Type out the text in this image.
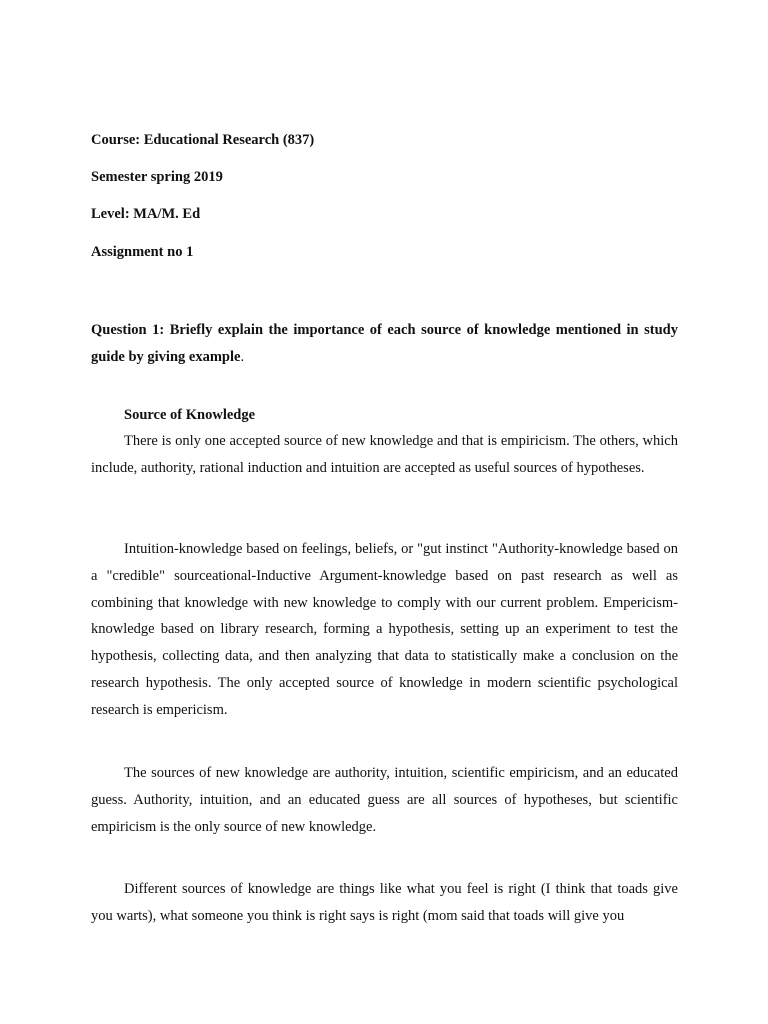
Course: Educational Research (837)
Semester spring 2019
Level: MA/M. Ed
Assignment no 1
Question 1: Briefly explain the importance of each source of knowledge mentioned in study guide by giving example.
Source of Knowledge

There is only one accepted source of new knowledge and that is empiricism. The others, which include, authority, rational induction and intuition are accepted as useful sources of hypotheses.

Intuition-knowledge based on feelings, beliefs, or "gut instinct "Authority-knowledge based on a "credible" sourceational-Inductive Argument-knowledge based on past research as well as combining that knowledge with new knowledge to comply with our current problem. Empericism-knowledge based on library research, forming a hypothesis, setting up an experiment to test the hypothesis, collecting data, and then analyzing that data to statistically make a conclusion on the research hypothesis. The only accepted source of knowledge in modern scientific psychological research is empericism.

The sources of new knowledge are authority, intuition, scientific empiricism, and an educated guess. Authority, intuition, and an educated guess are all sources of hypotheses, but scientific empiricism is the only source of new knowledge.

Different sources of knowledge are things like what you feel is right (I think that toads give you warts), what someone you think is right says is right (mom said that toads will give you
